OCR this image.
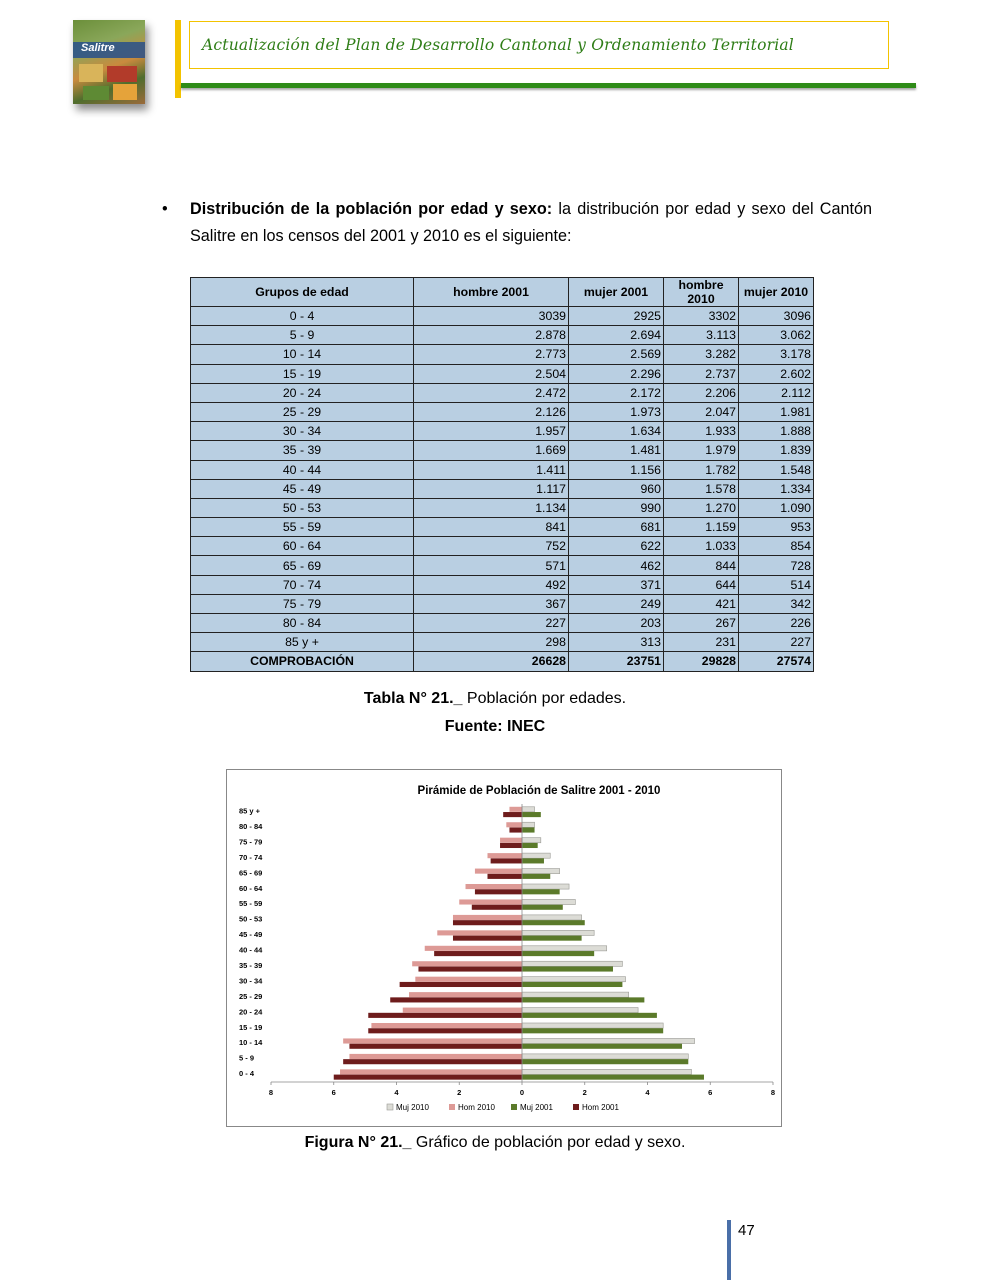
Salitre	Actualización del Plan de Desarrollo Cantonal y Ordenamiento Territorial
• Distribución de la población por edad y sexo: la distribución por edad y sexo del Cantón Salitre en los censos del 2001 y 2010 es el siguiente:
Grupos de edad	hombre 2001	mujer 2001	hombre 2010	mujer 2010
0 - 4	3039	2925	3302	3096
5 - 9	2.878	2.694	3.113	3.062
10 - 14	2.773	2.569	3.282	3.178
15 - 19	2.504	2.296	2.737	2.602
20 - 24	2.472	2.172	2.206	2.112
25 - 29	2.126	1.973	2.047	1.981
30 - 34	1.957	1.634	1.933	1.888
35 - 39	1.669	1.481	1.979	1.839
40 - 44	1.411	1.156	1.782	1.548
45 - 49	1.117	960	1.578	1.334
50 - 53	1.134	990	1.270	1.090
55 - 59	841	681	1.159	953
60 - 64	752	622	1.033	854
65 - 69	571	462	844	728
70 - 74	492	371	644	514
75 - 79	367	249	421	342
80 - 84	227	203	267	226
85 y +	298	313	231	227
COMPROBACIÓN	26628	23751	29828	27574
Tabla N° 21._ Población por edades.
Fuente: INEC
Pirámide de Población de Salitre 2001 - 2010
0 - 4
5 - 9
10 - 14
15 - 19
20 - 24
25 - 29
30 - 34
35 - 39
40 - 44
45 - 49
50 - 53
55 - 59
60 - 64
65 - 69
70 - 74
75 - 79
80 - 84
85 y +
8	6	4	2	0	2	4	6	8
Muj 2010	Hom 2010	Muj 2001	Hom 2001
Figura N° 21._ Gráfico de población por edad y sexo.
47
